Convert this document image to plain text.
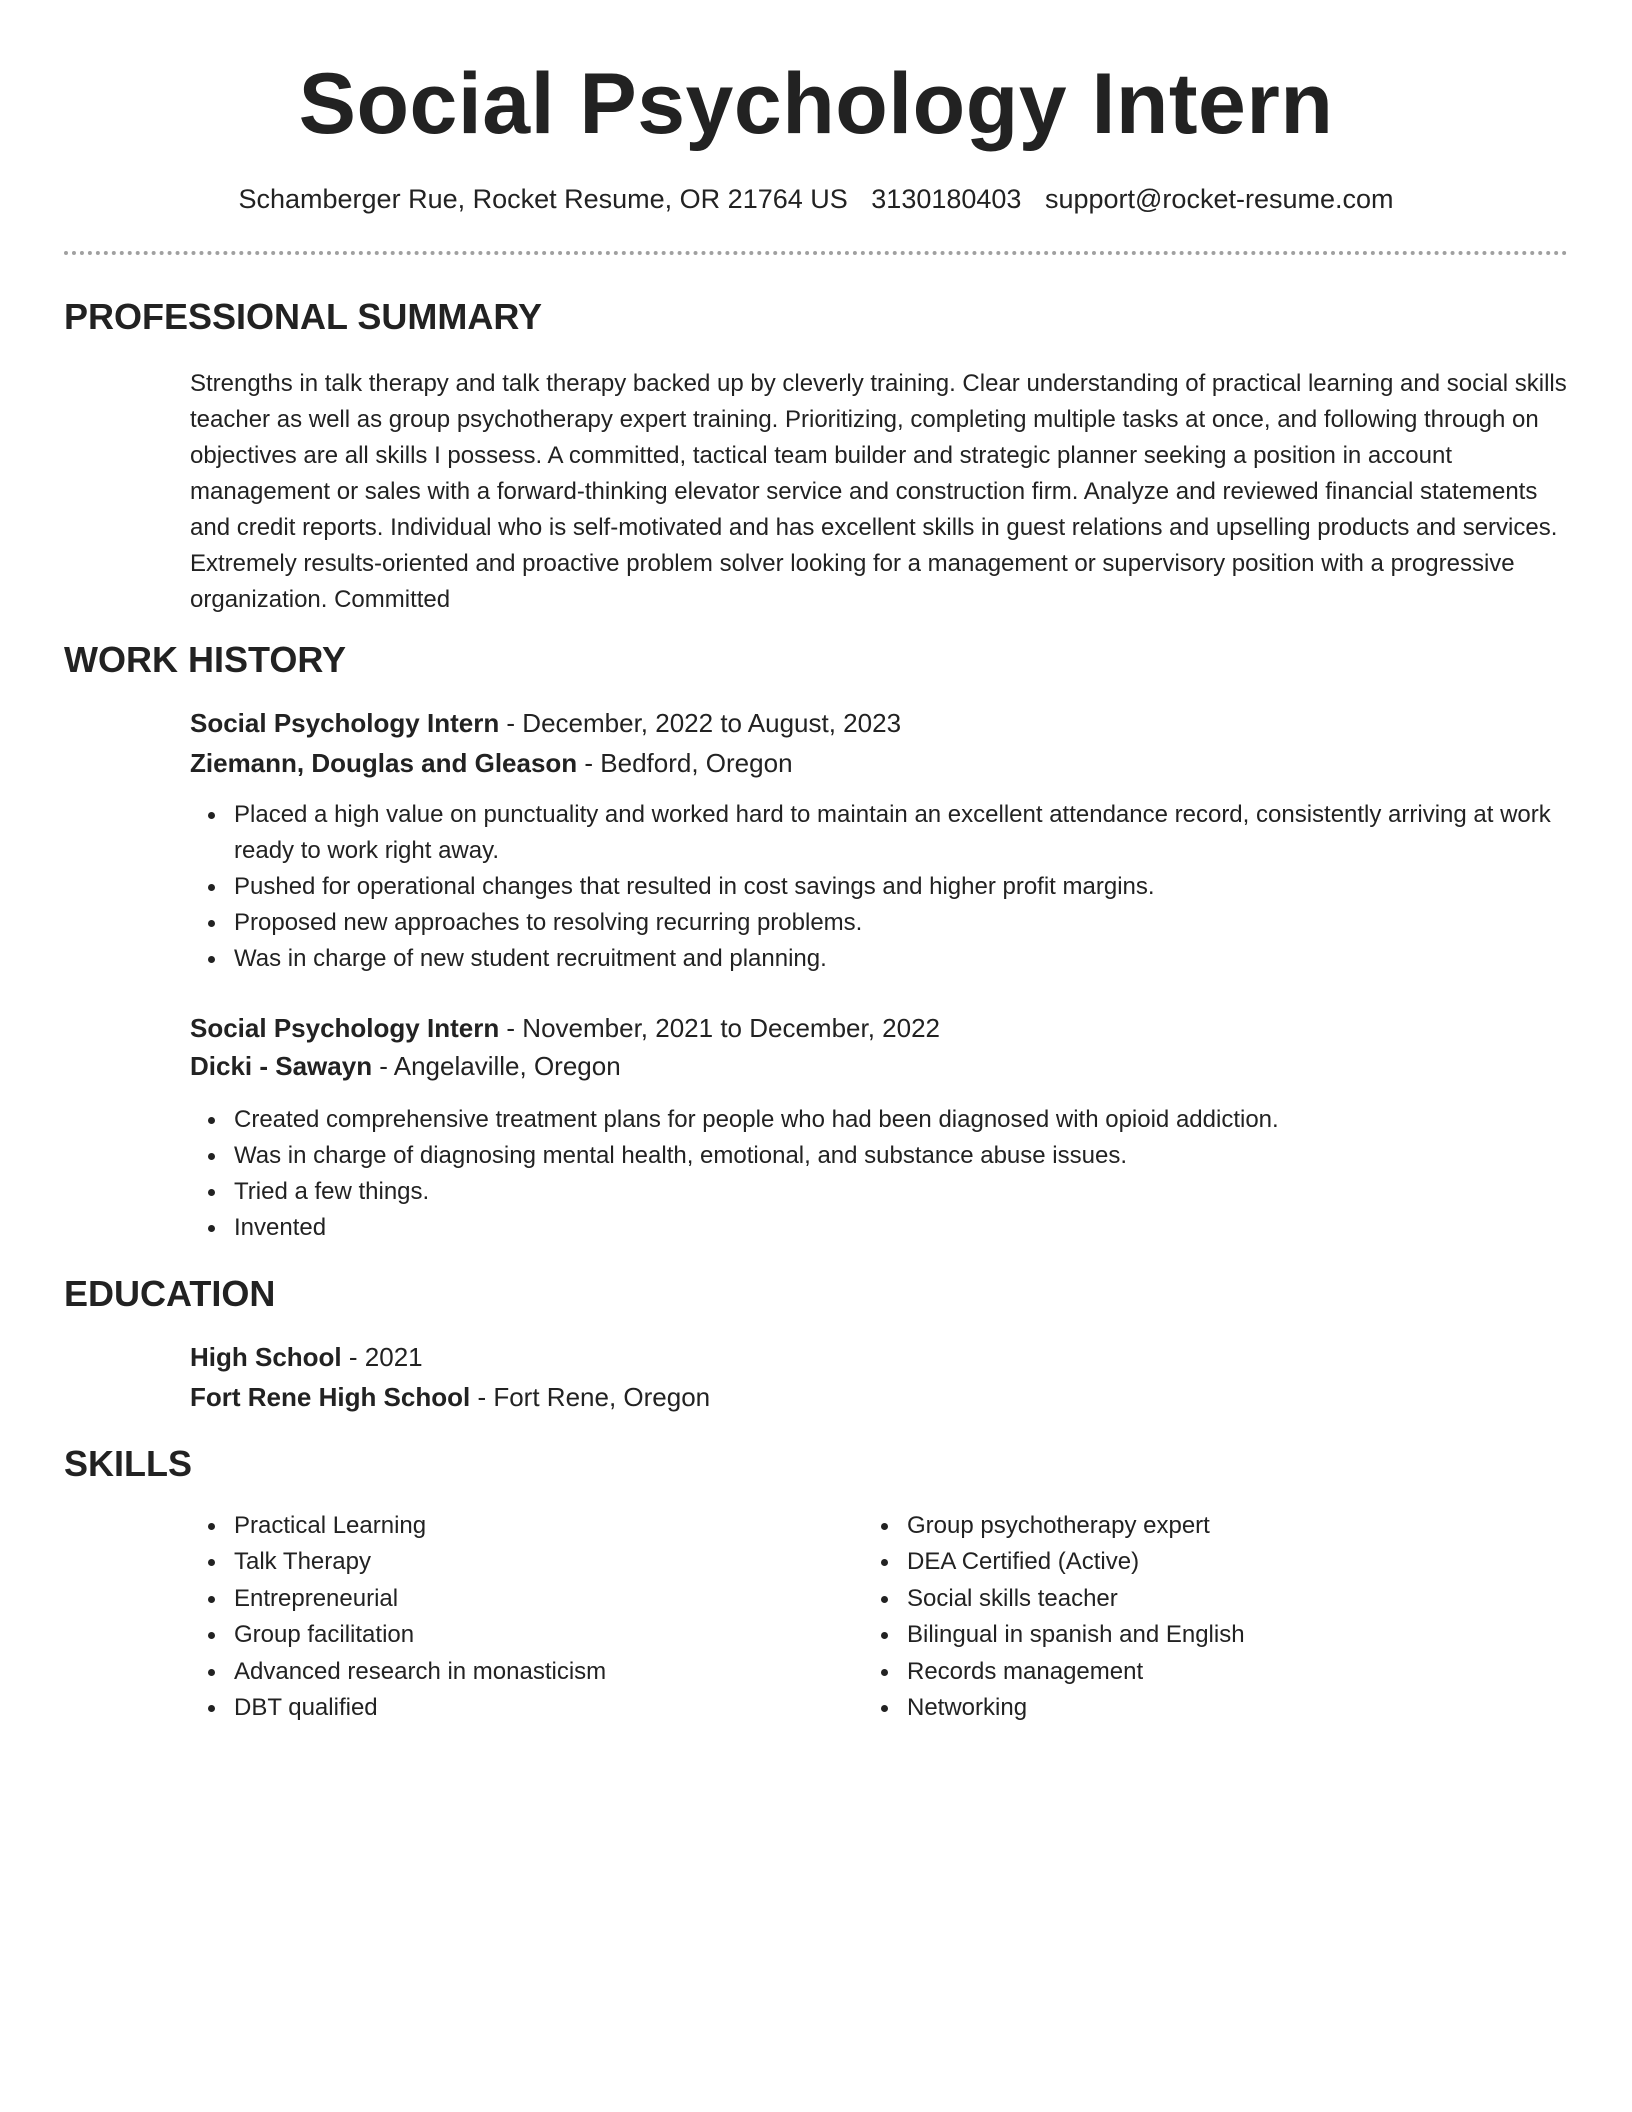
Social Psychology Intern
Schamberger Rue, Rocket Resume, OR 21764 US 3130180403 support@rocket-resume.com
PROFESSIONAL SUMMARY
Strengths in talk therapy and talk therapy backed up by cleverly training. Clear understanding of practical learning and social skills teacher as well as group psychotherapy expert training. Prioritizing, completing multiple tasks at once, and following through on objectives are all skills I possess. A committed, tactical team builder and strategic planner seeking a position in account management or sales with a forward-thinking elevator service and construction firm. Analyze and reviewed financial statements and credit reports. Individual who is self-motivated and has excellent skills in guest relations and upselling products and services. Extremely results-oriented and proactive problem solver looking for a management or supervisory position with a progressive organization. Committed
WORK HISTORY
Social Psychology Intern - December, 2022 to August, 2023
Ziemann, Douglas and Gleason - Bedford, Oregon
Placed a high value on punctuality and worked hard to maintain an excellent attendance record, consistently arriving at work ready to work right away.
Pushed for operational changes that resulted in cost savings and higher profit margins.
Proposed new approaches to resolving recurring problems.
Was in charge of new student recruitment and planning.
Social Psychology Intern - November, 2021 to December, 2022
Dicki - Sawayn - Angelaville, Oregon
Created comprehensive treatment plans for people who had been diagnosed with opioid addiction.
Was in charge of diagnosing mental health, emotional, and substance abuse issues.
Tried a few things.
Invented
EDUCATION
High School - 2021
Fort Rene High School - Fort Rene, Oregon
SKILLS
Practical Learning
Talk Therapy
Entrepreneurial
Group facilitation
Advanced research in monasticism
DBT qualified
Group psychotherapy expert
DEA Certified (Active)
Social skills teacher
Bilingual in spanish and English
Records management
Networking
